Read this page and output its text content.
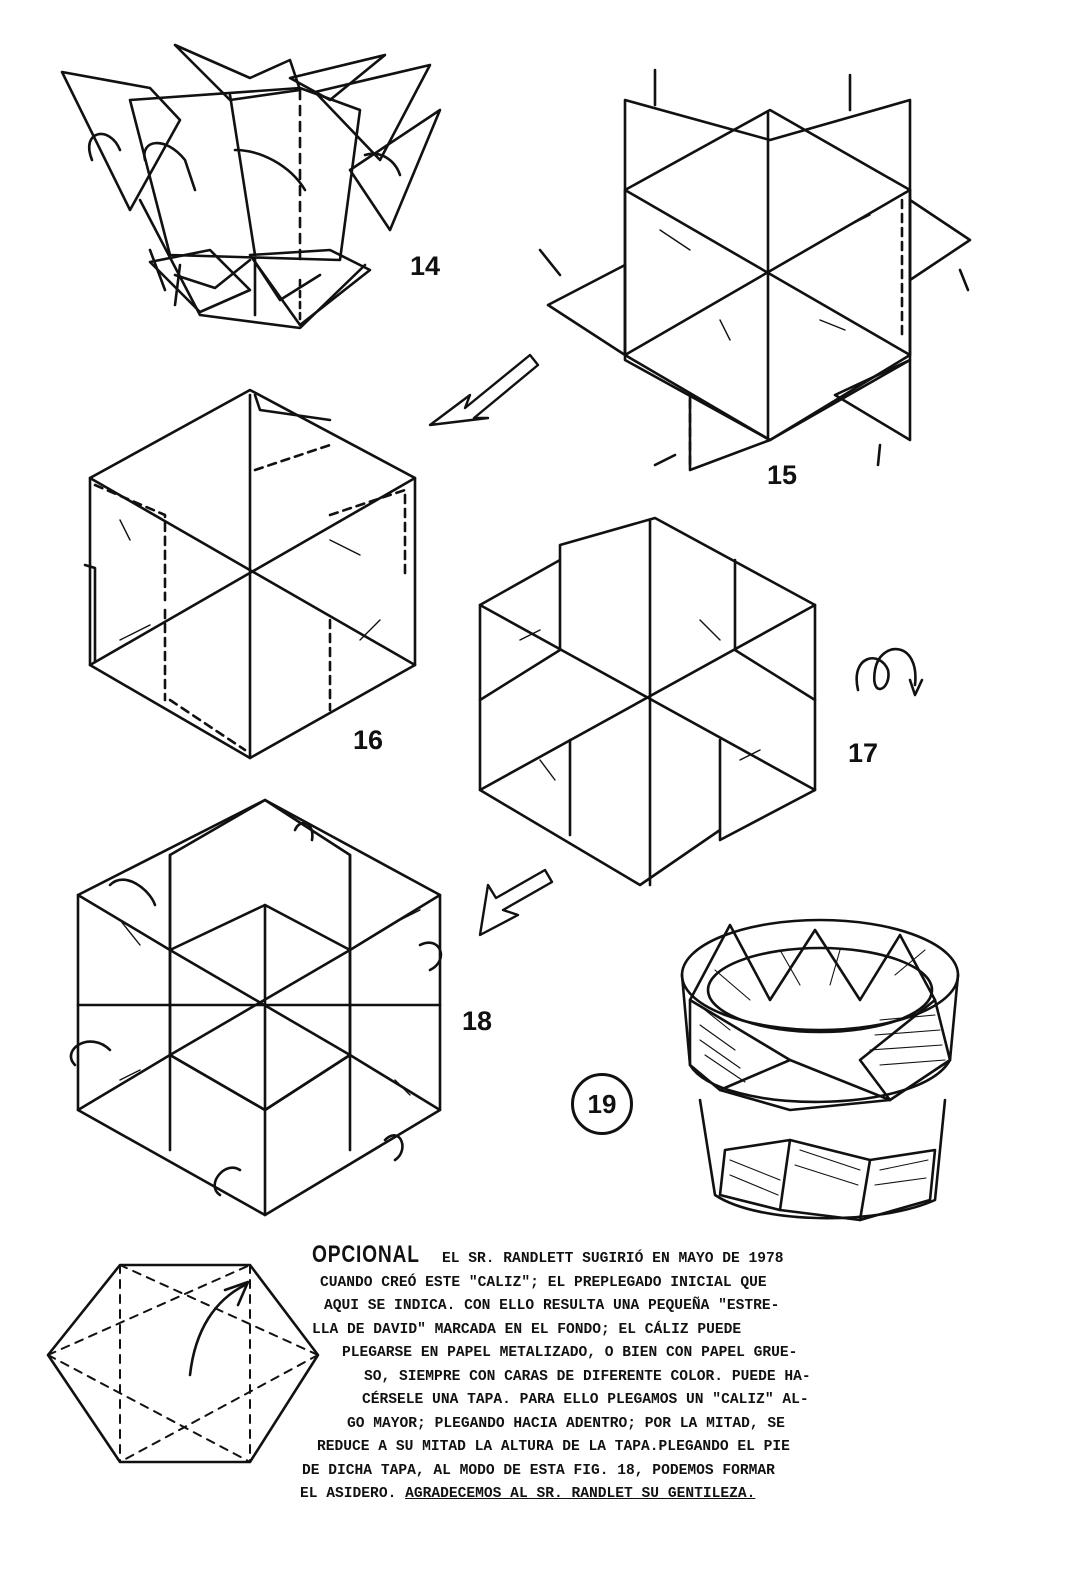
14
15
16	17
18
19
OPCIONAL EL SR. RANDLETT SUGIRIÓ EN MAYO DE 1978
CUANDO CREÓ ESTE "CALIZ"; EL PREPLEGADO INICIAL QUE
AQUI SE INDICA. CON ELLO RESULTA UNA PEQUEÑA "ESTRE-
LLA DE DAVID" MARCADA EN EL FONDO; EL CÁLIZ PUEDE
PLEGARSE EN PAPEL METALIZADO, O BIEN CON PAPEL GRUE-
SO, SIEMPRE CON CARAS DE DIFERENTE COLOR. PUEDE HA-
CÉRSELE UNA TAPA. PARA ELLO PLEGAMOS UN "CALIZ" AL-
GO MAYOR; PLEGANDO HACIA ADENTRO; POR LA MITAD, SE
REDUCE A SU MITAD LA ALTURA DE LA TAPA.PLEGANDO EL PIE
DE DICHA TAPA, AL MODO DE ESTA FIG. 18, PODEMOS FORMAR
EL ASIDERO. AGRADECEMOS AL SR. RANDLET SU GENTILEZA.
